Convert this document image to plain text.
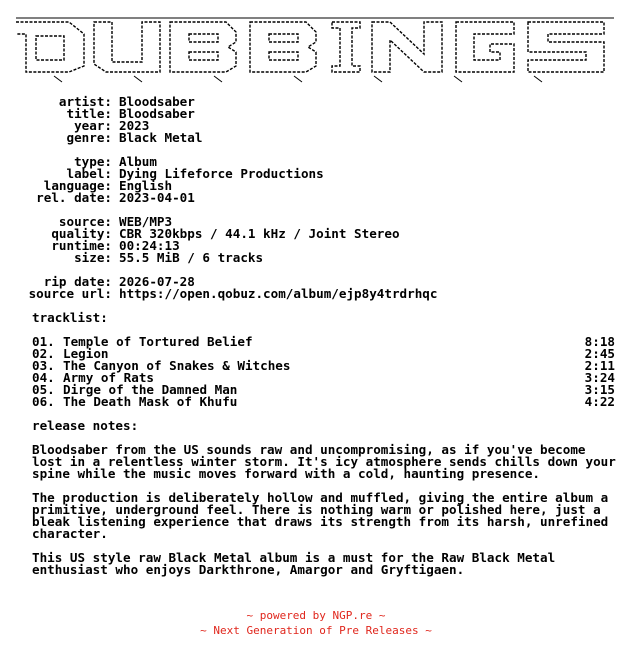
artist: Bloodsaber
title: Bloodsaber
year: 2023
genre: Black Metal
type: Album
label: Dying Lifeforce Productions
language: English
rel. date: 2023-04-01
source: WEB/MP3
quality: CBR 320kbps / 44.1 kHz / Joint Stereo
runtime: 00:24:13
size: 55.5 MiB / 6 tracks
rip date: 2026-07-28
source url: https://open.qobuz.com/album/ejp8y4trdrhqc
tracklist:
01. Temple of Tortured Belief	8:18
02. Legion	2:45
03. The Canyon of Snakes & Witches	2:11
04. Army of Rats	3:24
05. Dirge of the Damned Man	3:15
06. The Death Mask of Khufu	4:22
release notes:
Bloodsaber from the US sounds raw and uncompromising, as if you've become lost in a relentless winter storm. It's icy atmosphere sends chills down your spine while the music moves forward with a cold, haunting presence.
The production is deliberately hollow and muffled, giving the entire album a primitive, underground feel. There is nothing warm or polished here, just a bleak listening experience that draws its strength from its harsh, unrefined character.
This US style raw Black Metal album is a must for the Raw Black Metal enthusiast who enjoys Darkthrone, Amargor and Gryftigaen.
~ powered by NGP.re ~
~ Next Generation of Pre Releases ~
